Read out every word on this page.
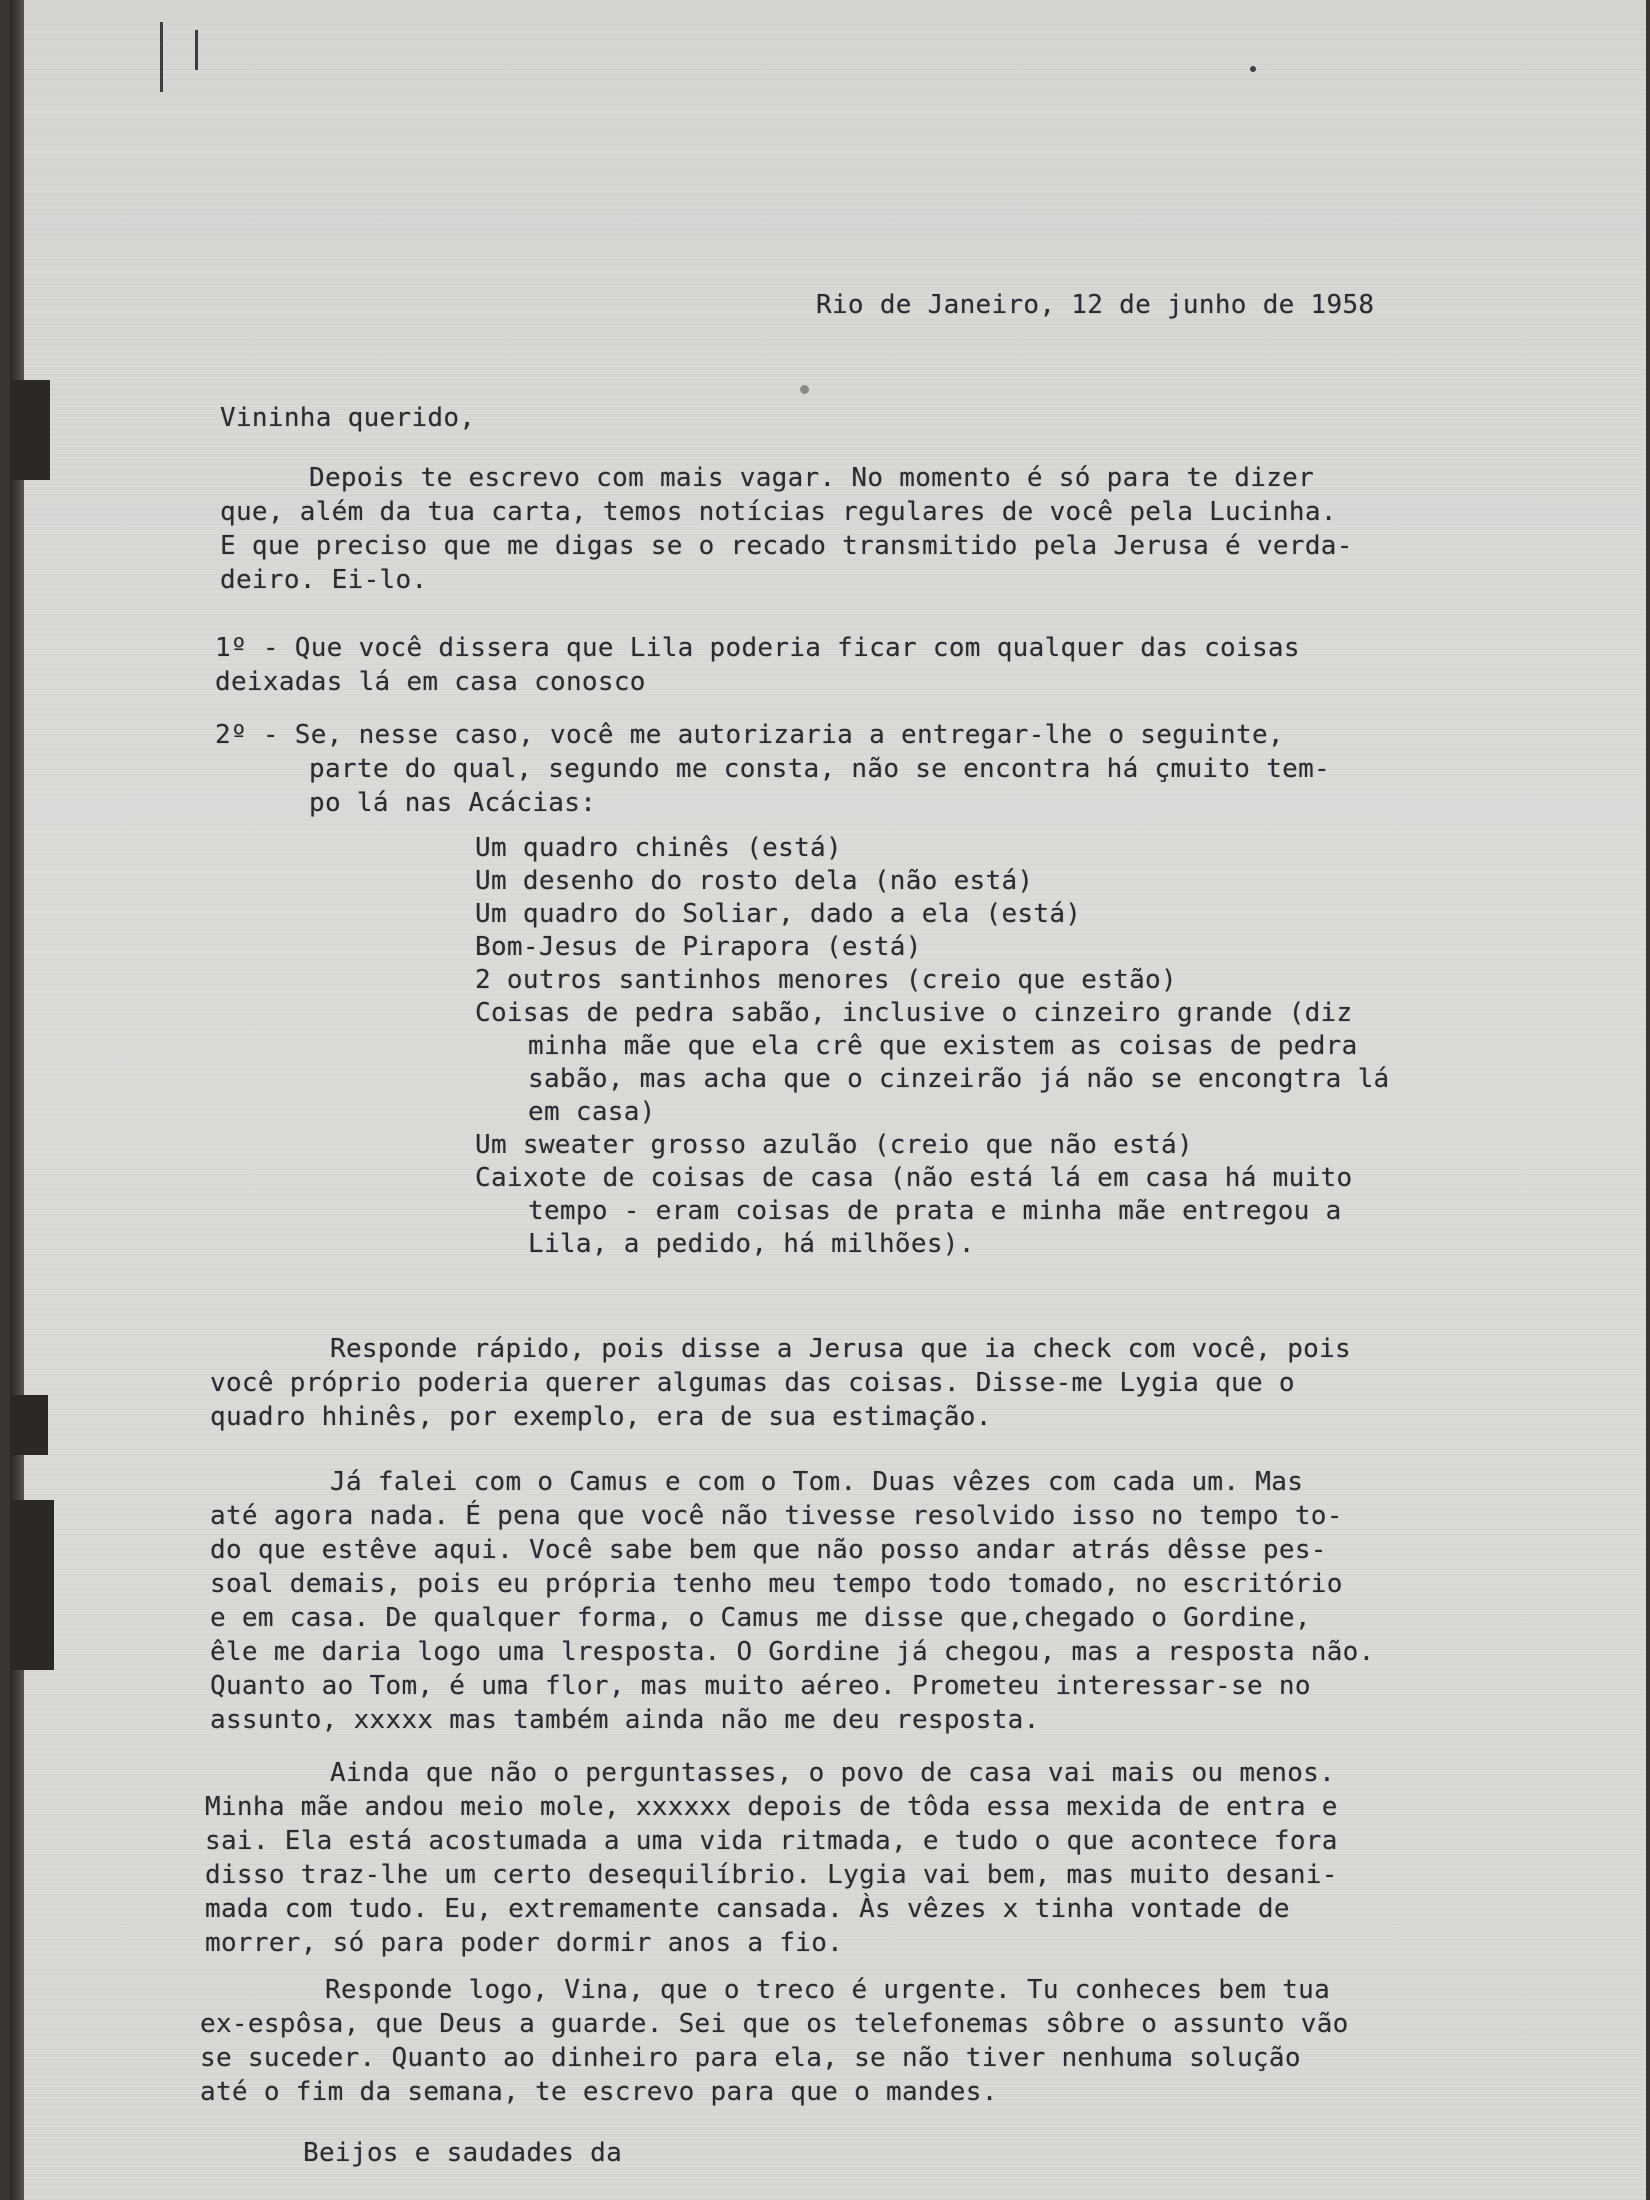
Rio de Janeiro, 12 de junho de 1958
Vininha querido,
Depois te escrevo com mais vagar. No momento é só para te dizer
que, além da tua carta, temos notícias regulares de você pela Lucinha.
E que preciso que me digas se o recado transmitido pela Jerusa é verda-
deiro. Ei-lo.
1º - Que você dissera que Lila poderia ficar com qualquer das coisas
deixadas lá em casa conosco
2º - Se, nesse caso, você me autorizaria a entregar-lhe o seguinte,
parte do qual, segundo me consta, não se encontra há çmuito tem-
po lá nas Acácias:
Um quadro chinês (está)
Um desenho do rosto dela (não está)
Um quadro do Soliar, dado a ela (está)
Bom-Jesus de Pirapora (está)
2 outros santinhos menores (creio que estão)
Coisas de pedra sabão, inclusive o cinzeiro grande (diz
minha mãe que ela crê que existem as coisas de pedra
sabão, mas acha que o cinzeirão já não se encongtra lá
em casa)
Um sweater grosso azulão (creio que não está)
Caixote de coisas de casa (não está lá em casa há muito
tempo - eram coisas de prata e minha mãe entregou a
Lila, a pedido, há milhões).
Responde rápido, pois disse a Jerusa que ia check com você, pois
você próprio poderia querer algumas das coisas. Disse-me Lygia que o
quadro hhinês, por exemplo, era de sua estimação.
Já falei com o Camus e com o Tom. Duas vêzes com cada um. Mas
até agora nada. É pena que você não tivesse resolvido isso no tempo to-
do que estêve aqui. Você sabe bem que não posso andar atrás dêsse pes-
soal demais, pois eu própria tenho meu tempo todo tomado, no escritório
e em casa. De qualquer forma, o Camus me disse que,chegado o Gordine,
êle me daria logo uma lresposta. O Gordine já chegou, mas a resposta não.
Quanto ao Tom, é uma flor, mas muito aéreo. Prometeu interessar-se no
assunto, xxxxx mas também ainda não me deu resposta.
Ainda que não o perguntasses, o povo de casa vai mais ou menos.
Minha mãe andou meio mole, xxxxxx depois de tôda essa mexida de entra e
sai. Ela está acostumada a uma vida ritmada, e tudo o que acontece fora
disso traz-lhe um certo desequilíbrio. Lygia vai bem, mas muito desani-
mada com tudo. Eu, extremamente cansada. Às vêzes x tinha vontade de
morrer, só para poder dormir anos a fio.
Responde logo, Vina, que o treco é urgente. Tu conheces bem tua
ex-espôsa, que Deus a guarde. Sei que os telefonemas sôbre o assunto vão
se suceder. Quanto ao dinheiro para ela, se não tiver nenhuma solução
até o fim da semana, te escrevo para que o mandes.
Beijos e saudades da
